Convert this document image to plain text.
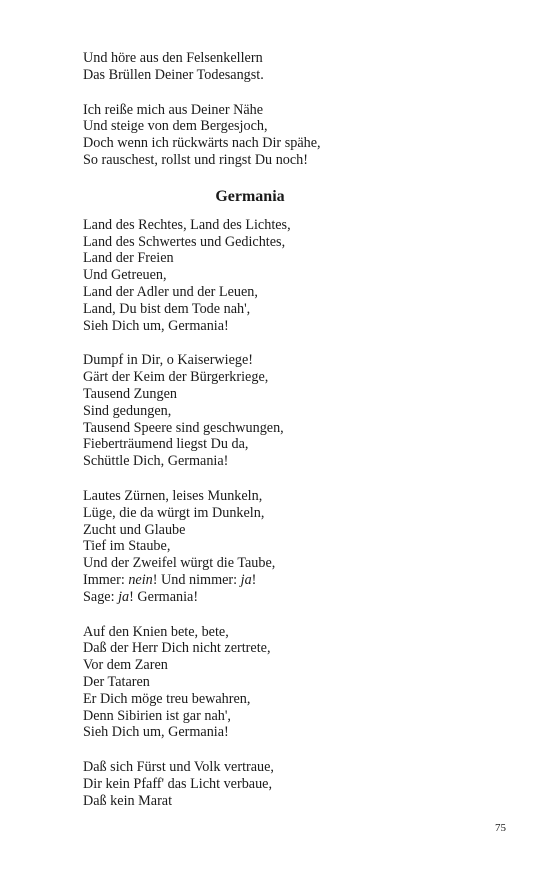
Und höre aus den Felsenkellern
Das Brüllen Deiner Todesangst.
Ich reiße mich aus Deiner Nähe
Und steige von dem Bergesjoch,
Doch wenn ich rückwärts nach Dir spähe,
So rauschest, rollst und ringst Du noch!
Germania
Land des Rechtes, Land des Lichtes,
Land des Schwertes und Gedichtes,
Land der Freien
Und Getreuen,
Land der Adler und der Leuen,
Land, Du bist dem Tode nah',
Sieh Dich um, Germania!
Dumpf in Dir, o Kaiserwiege!
Gärt der Keim der Bürgerkriege,
Tausend Zungen
Sind gedungen,
Tausend Speere sind geschwungen,
Fieberträumend liegst Du da,
Schüttle Dich, Germania!
Lautes Zürnen, leises Munkeln,
Lüge, die da würgt im Dunkeln,
Zucht und Glaube
Tief im Staube,
Und der Zweifel würgt die Taube,
Immer: nein! Und nimmer: ja!
Sage: ja! Germania!
Auf den Knien bete, bete,
Daß der Herr Dich nicht zertrete,
Vor dem Zaren
Der Tataren
Er Dich möge treu bewahren,
Denn Sibirien ist gar nah',
Sieh Dich um, Germania!
Daß sich Fürst und Volk vertraue,
Dir kein Pfaff' das Licht verbaue,
Daß kein Marat
75
